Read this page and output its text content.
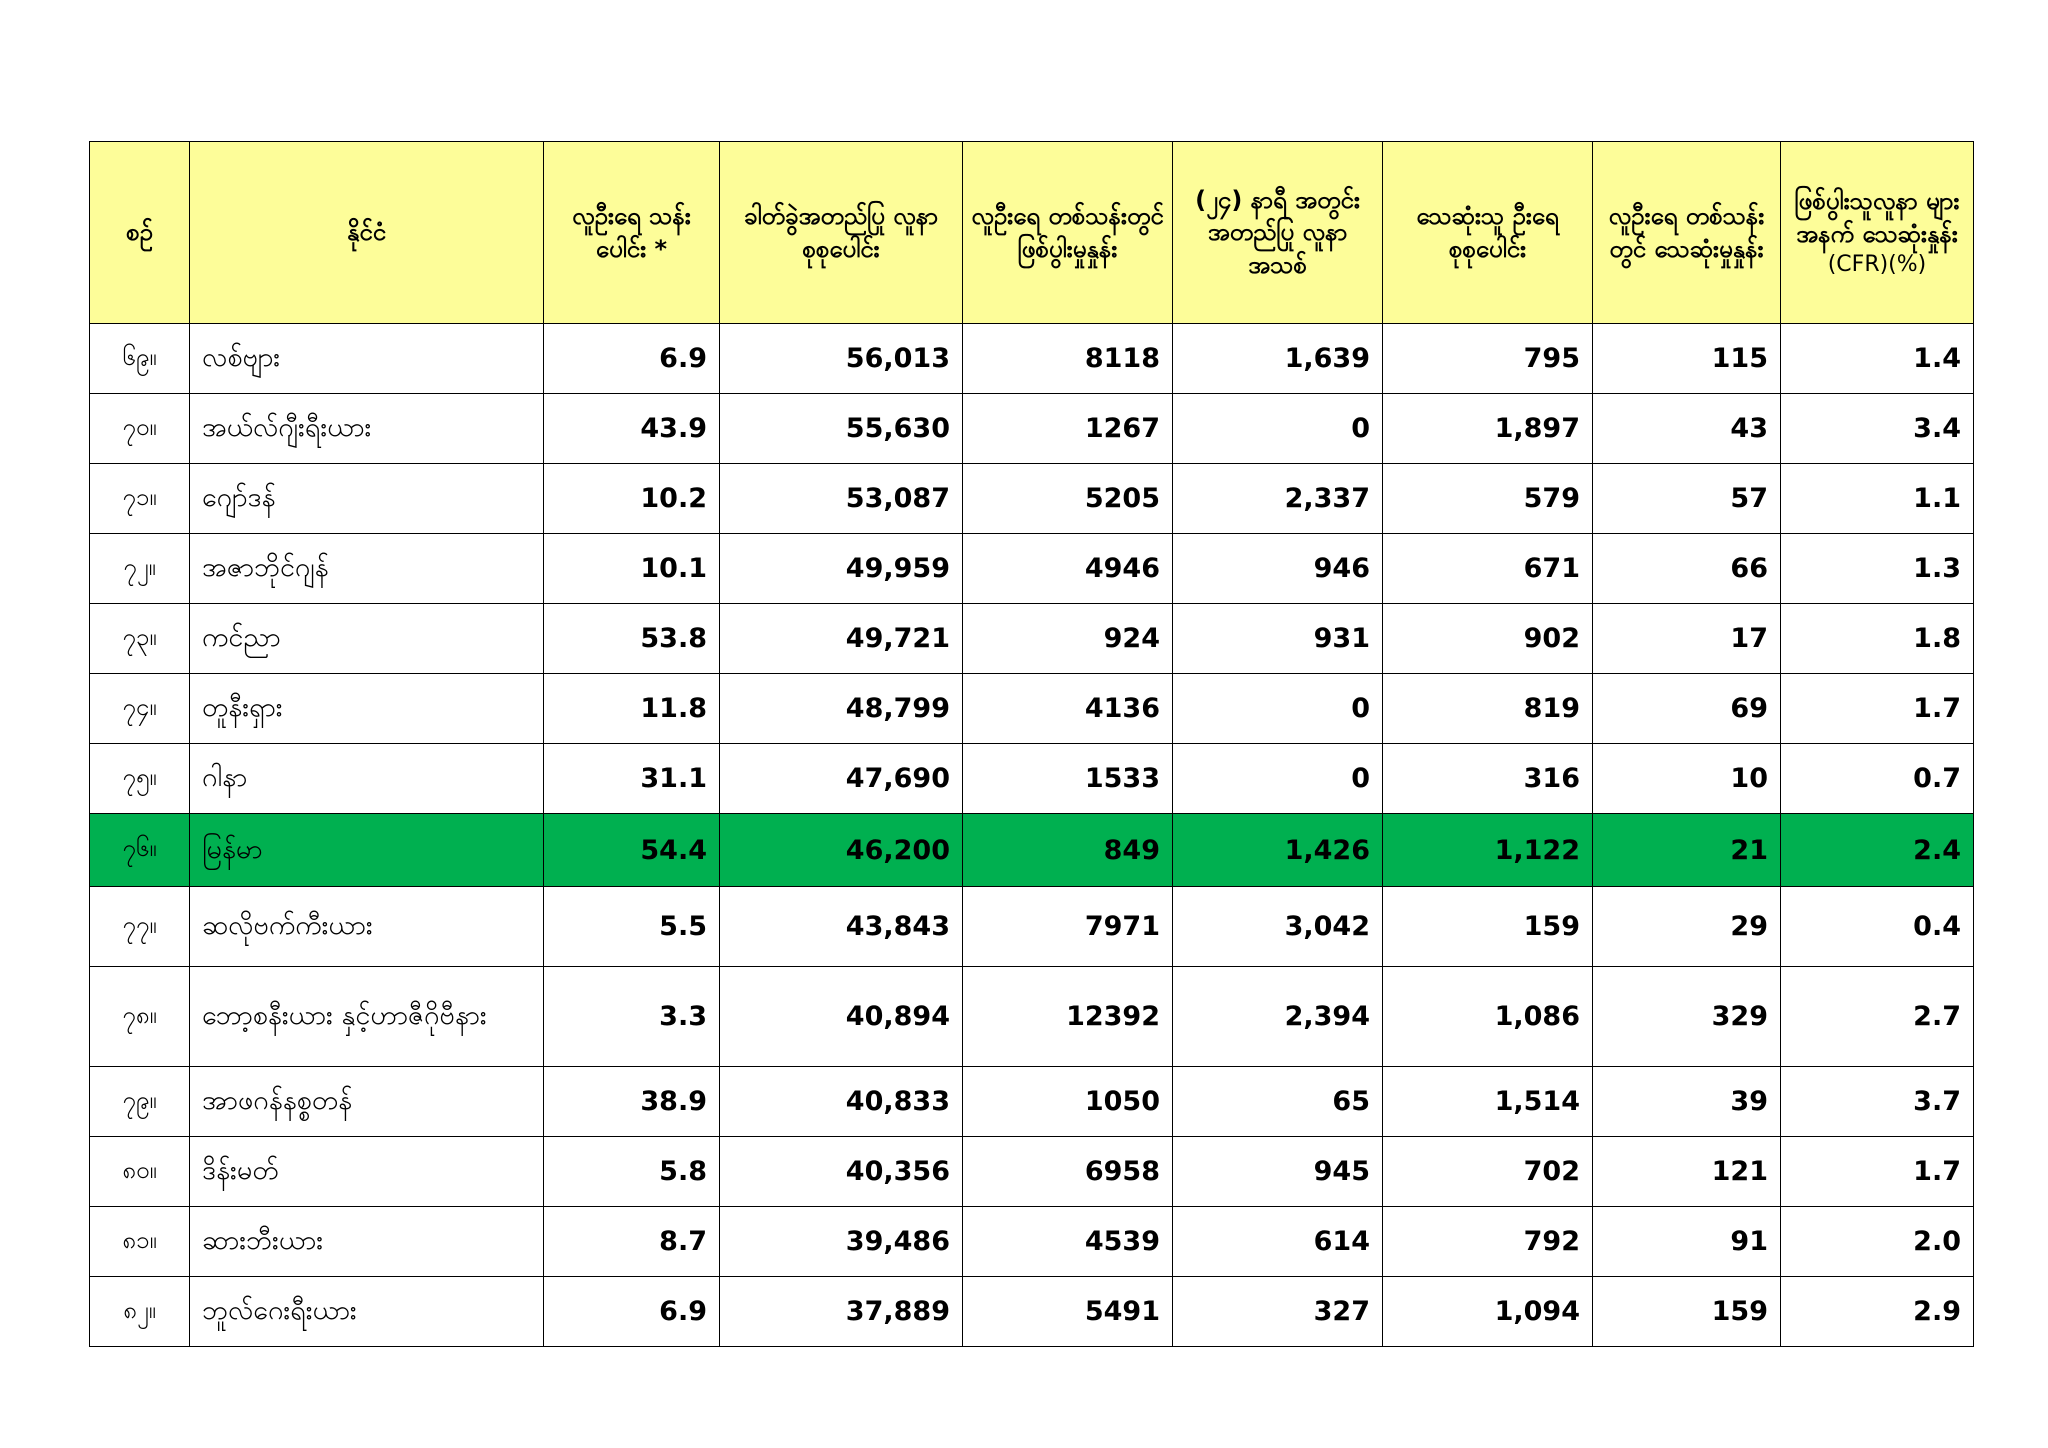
စဉ်	နိုင်ငံ	လူဦးရေ သန်းပေါင်း *	ခါတ်ခွဲအတည်ပြု လူနာ စုစုပေါင်း	လူဦးရေ တစ်သန်းတွင် ဖြစ်ပွါးမှုနှုန်း	(၂၄) နာရီ အတွင်း အတည်ပြု လူနာအသစ်	သေဆုံးသူ ဦးရေ စုစုပေါင်း	လူဦးရေ တစ်သန်းတွင် သေဆုံးမှုနှုန်း	ဖြစ်ပွါးသူလူနာ များအနက် သေဆုံးနှုန်း
(CFR)(%)

၆၉။	လစ်ဗျား	6.9	56,013	8118	1,639	795	115	1.4
၇၀။	အယ်လ်ဂျီးရီးယား	43.9	55,630	1267	0	1,897	43	3.4
၇၁။	ဂျော်ဒန်	10.2	53,087	5205	2,337	579	57	1.1
၇၂။	အဇာဘိုင်ဂျန်	10.1	49,959	4946	946	671	66	1.3
၇၃။	ကင်ညာ	53.8	49,721	924	931	902	17	1.8
၇၄။	တူနီးရှား	11.8	48,799	4136	0	819	69	1.7
၇၅။	ဂါနာ	31.1	47,690	1533	0	316	10	0.7
၇၆။	မြန်မာ	54.4	46,200	849	1,426	1,122	21	2.4
၇၇။	ဆလိုဗက်ကီးယား	5.5	43,843	7971	3,042	159	29	0.4
၇၈။	ဘော့စနီးယား နှင့်ဟာဇီဂိုဗီနား	3.3	40,894	12392	2,394	1,086	329	2.7
၇၉။	အာဖဂန်နစ္စတန်	38.9	40,833	1050	65	1,514	39	3.7
၈၀။	ဒိန်းမတ်	5.8	40,356	6958	945	702	121	1.7
၈၁။	ဆားဘီးယား	8.7	39,486	4539	614	792	91	2.0
၈၂။	ဘူလ်ဂေးရီးယား	6.9	37,889	5491	327	1,094	159	2.9
